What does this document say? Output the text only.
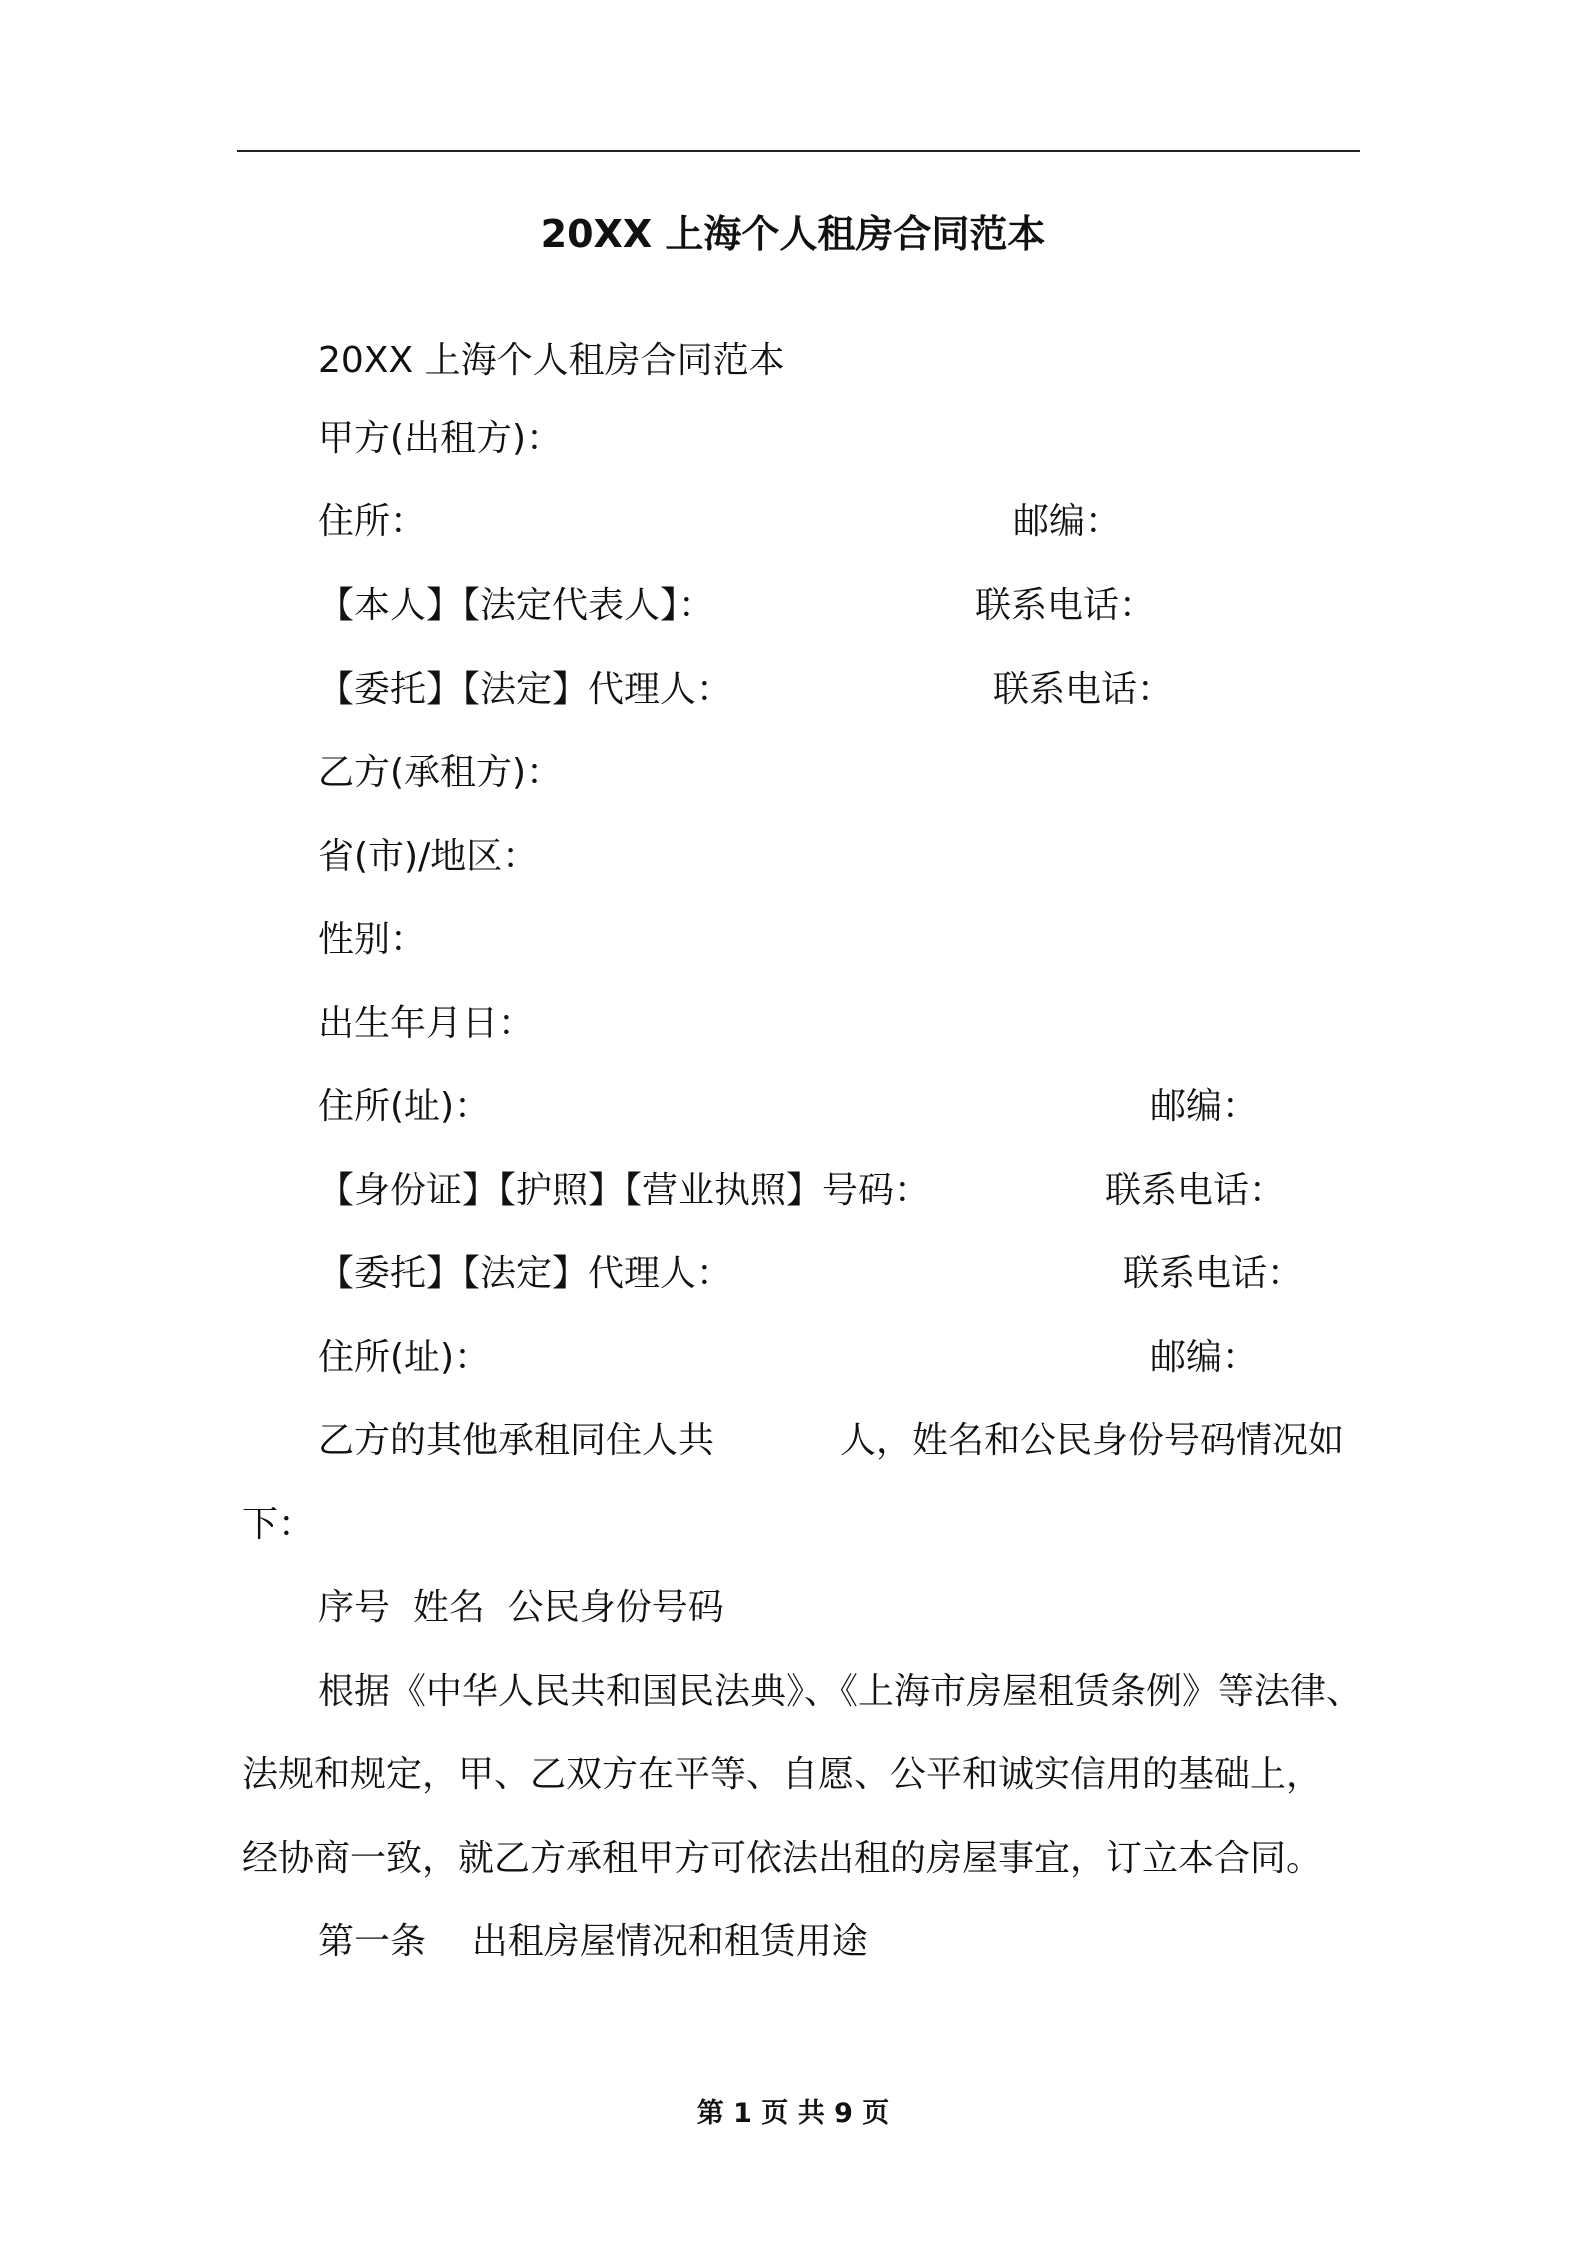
20XX 上海个人租房合同范本
20XX 上海个人租房合同范本
甲方(出租方)：
住所：	邮编：
【本人】【法定代表人】：	联系电话：
【委托】【法定】代理人：	联系电话：
乙方(承租方)：
省(市)/地区：
性别：
出生年月日：
住所(址)：	邮编：
【身份证】【护照】【营业执照】号码：	联系电话：
【委托】【法定】代理人：	联系电话：
住所(址)：	邮编：
乙方的其他承租同住人共	人，姓名和公民身份号码情况如
下：
序号  姓名  公民身份号码
根据《中华人民共和国民法典》、《上海市房屋租赁条例》等法律、
法规和规定，甲、乙双方在平等、自愿、公平和诚实信用的基础上，
经协商一致，就乙方承租甲方可依法出租的房屋事宜，订立本合同。
第一条    出租房屋情况和租赁用途
第 1 页 共 9 页
